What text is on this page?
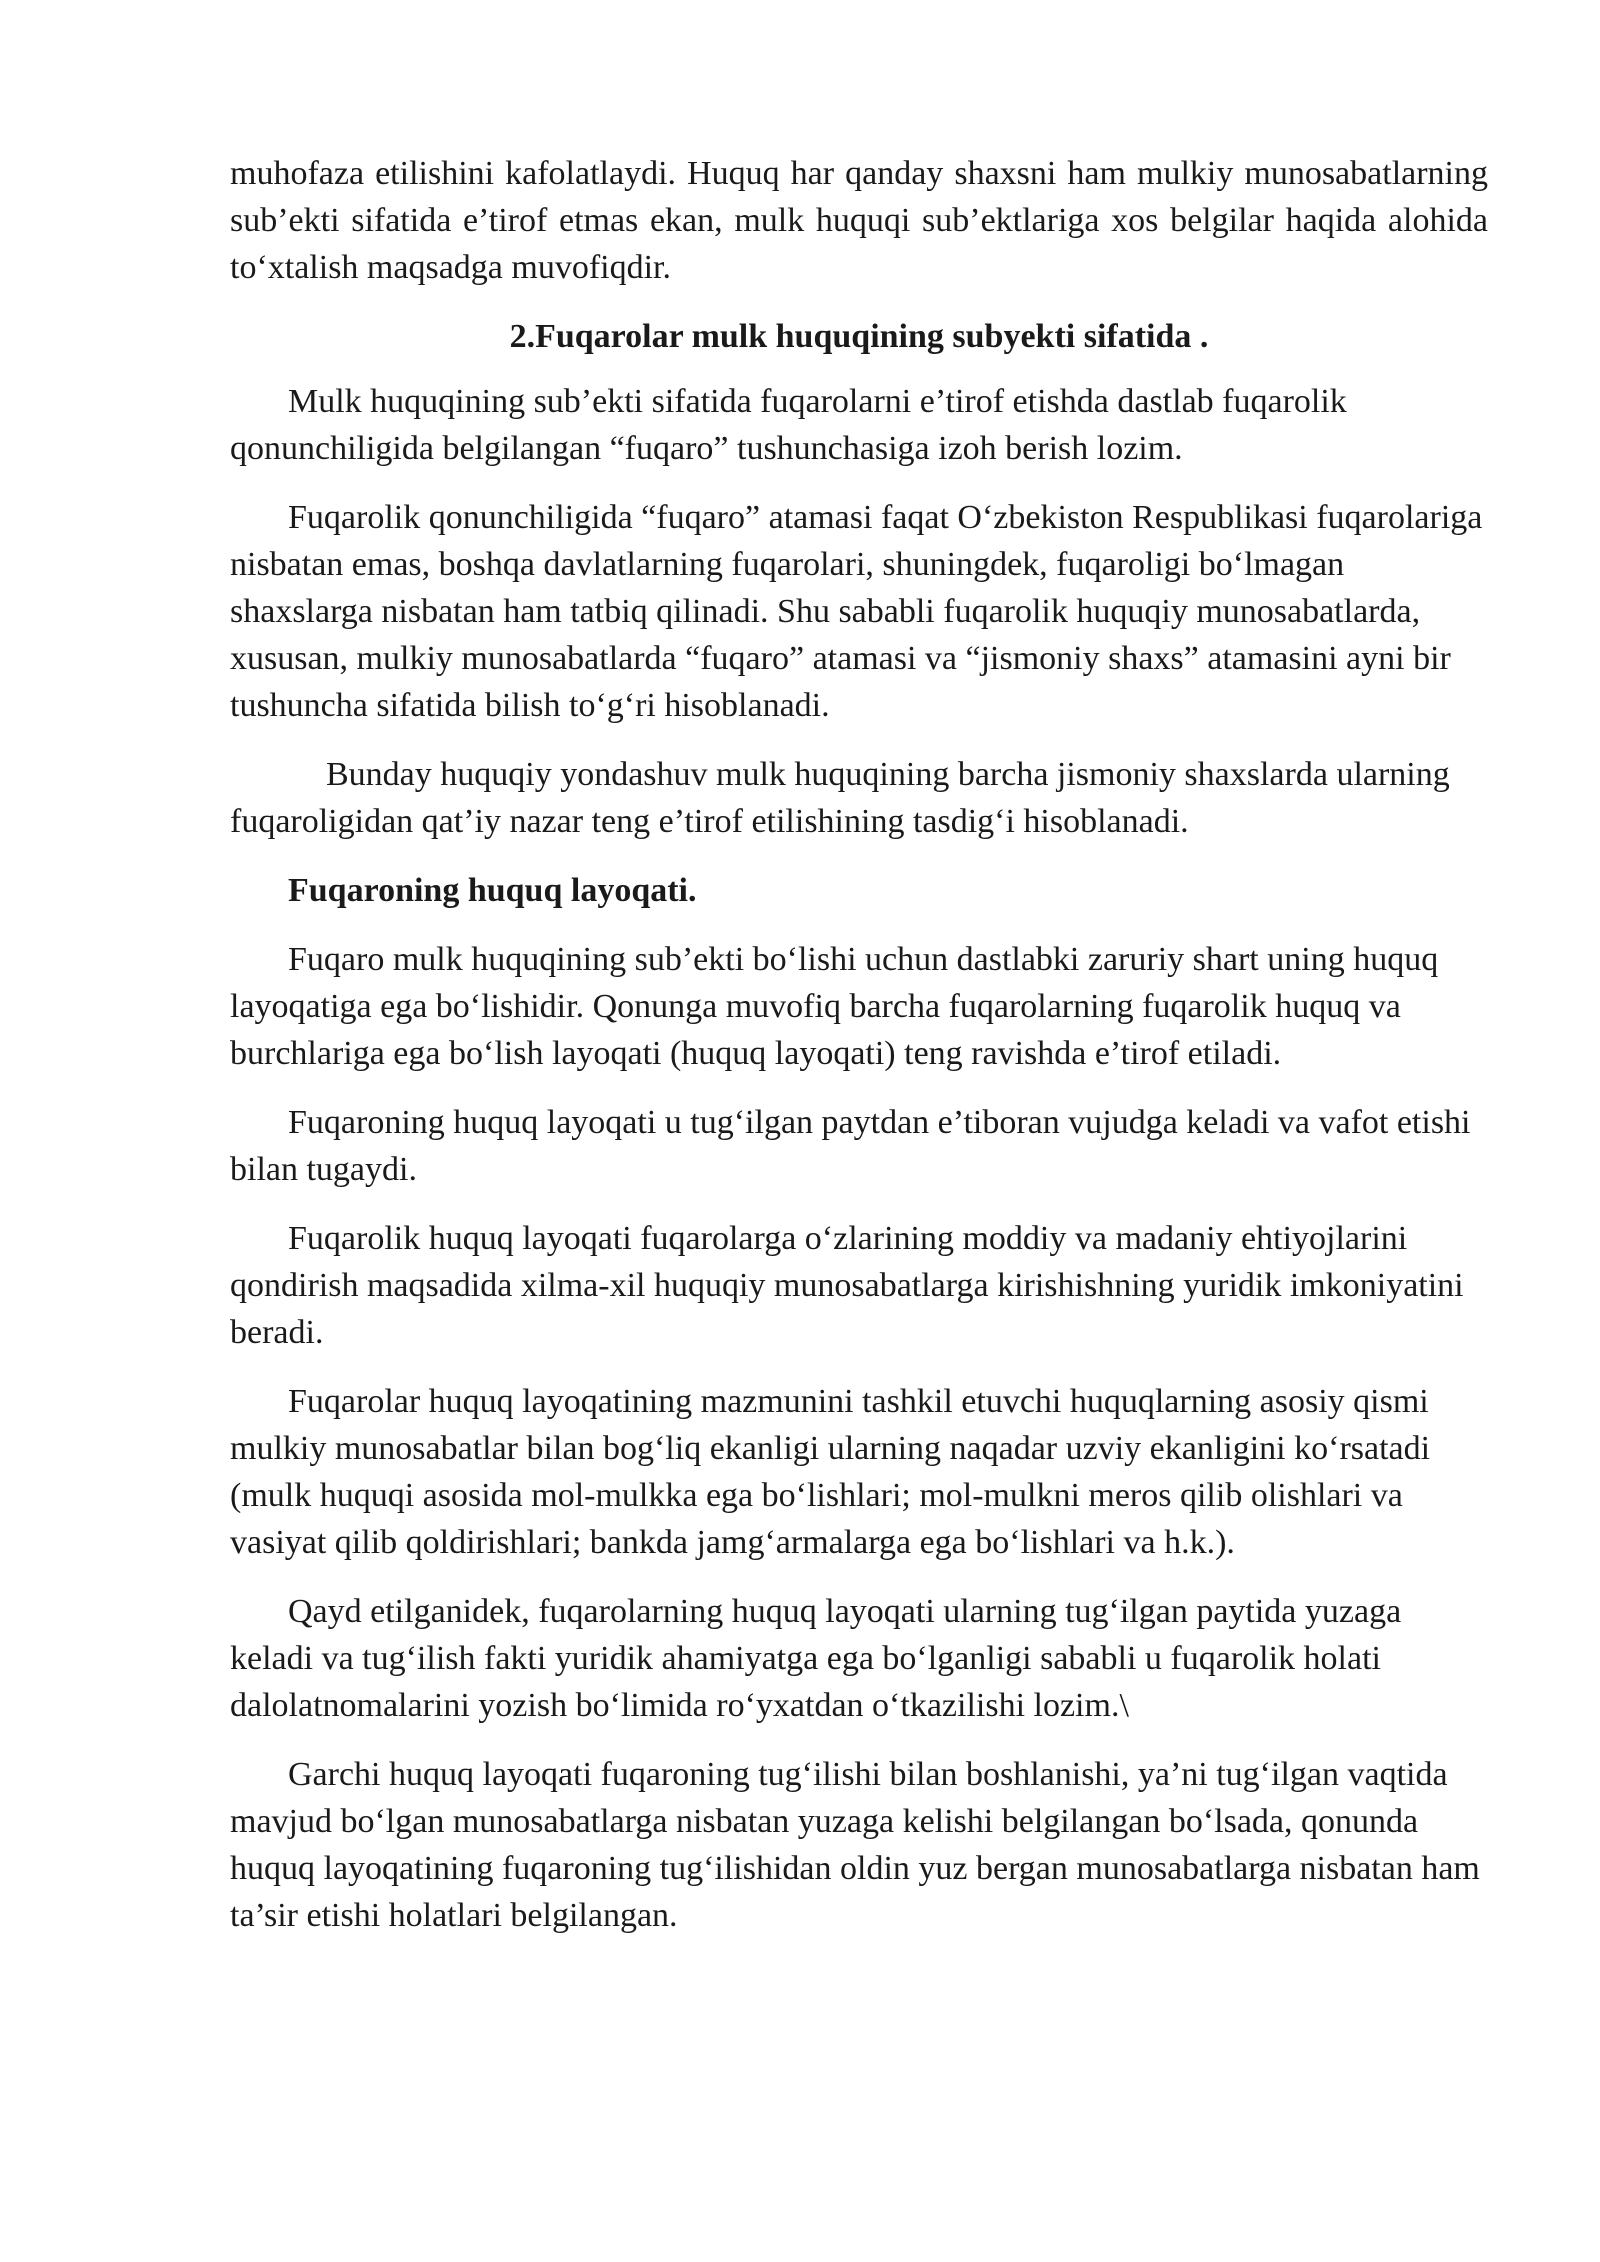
muhofaza etilishini kafolatlaydi. Huquq har qanday shaxsni ham mulkiy munosabatlarning sub’ekti sifatida e’tirof etmas ekan, mulk huquqi sub’ektlariga xos belgilar haqida alohida to‘xtalish maqsadga muvofiqdir.

2.Fuqarolar mulk huquqining subyekti sifatida .

Mulk huquqining sub’ekti sifatida fuqarolarni e’tirof etishda dastlab fuqarolik qonunchiligida belgilangan “fuqaro” tushunchasiga izoh berish lozim.

Fuqarolik qonunchiligida “fuqaro” atamasi faqat O‘zbekiston Respublikasi fuqarolariga nisbatan emas, boshqa davlatlarning fuqarolari, shuningdek, fuqaroligi bo‘lmagan shaxslarga nisbatan ham tatbiq qilinadi. Shu sababli fuqarolik huquqiy munosabatlarda, xususan, mulkiy munosabatlarda “fuqaro” atamasi va “jismoniy shaxs” atamasini ayni bir tushuncha sifatida bilish to‘g‘ri hisoblanadi.

Bunday huquqiy yondashuv mulk huquqining barcha jismoniy shaxslarda ularning fuqaroligidan qat’iy nazar teng e’tirof etilishining tasdig‘i hisoblanadi.

Fuqaroning huquq layoqati.

Fuqaro mulk huquqining sub’ekti bo‘lishi uchun dastlabki zaruriy shart uning huquq layoqatiga ega bo‘lishidir. Qonunga muvofiq barcha fuqarolarning fuqarolik huquq va burchlariga ega bo‘lish layoqati (huquq layoqati) teng ravishda e’tirof etiladi.

Fuqaroning huquq layoqati u tug‘ilgan paytdan e’tiboran vujudga keladi va vafot etishi bilan tugaydi.

Fuqarolik huquq layoqati fuqarolarga o‘zlarining moddiy va madaniy ehtiyojlarini qondirish maqsadida xilma-xil huquqiy munosabatlarga kirishishning yuridik imkoniyatini beradi.

Fuqarolar huquq layoqatining mazmunini tashkil etuvchi huquqlarning asosiy qismi mulkiy munosabatlar bilan bog‘liq ekanligi ularning naqadar uzviy ekanligini ko‘rsatadi (mulk huquqi asosida mol-mulkka ega bo‘lishlari; mol-mulkni meros qilib olishlari va vasiyat qilib qoldirishlari; bankda jamg‘armalarga ega bo‘lishlari va h.k.).

Qayd etilganidek, fuqarolarning huquq layoqati ularning tug‘ilgan paytida yuzaga keladi va tug‘ilish fakti yuridik ahamiyatga ega bo‘lganligi sababli u fuqarolik holati dalolatnomalarini yozish bo‘limida ro‘yxatdan o‘tkazilishi lozim.\

Garchi huquq layoqati fuqaroning tug‘ilishi bilan boshlanishi, ya’ni tug‘ilgan vaqtida mavjud bo‘lgan munosabatlarga nisbatan yuzaga kelishi belgilangan bo‘lsada, qonunda huquq layoqatining fuqaroning tug‘ilishidan oldin yuz bergan munosabatlarga nisbatan ham ta’sir etishi holatlari belgilangan.
